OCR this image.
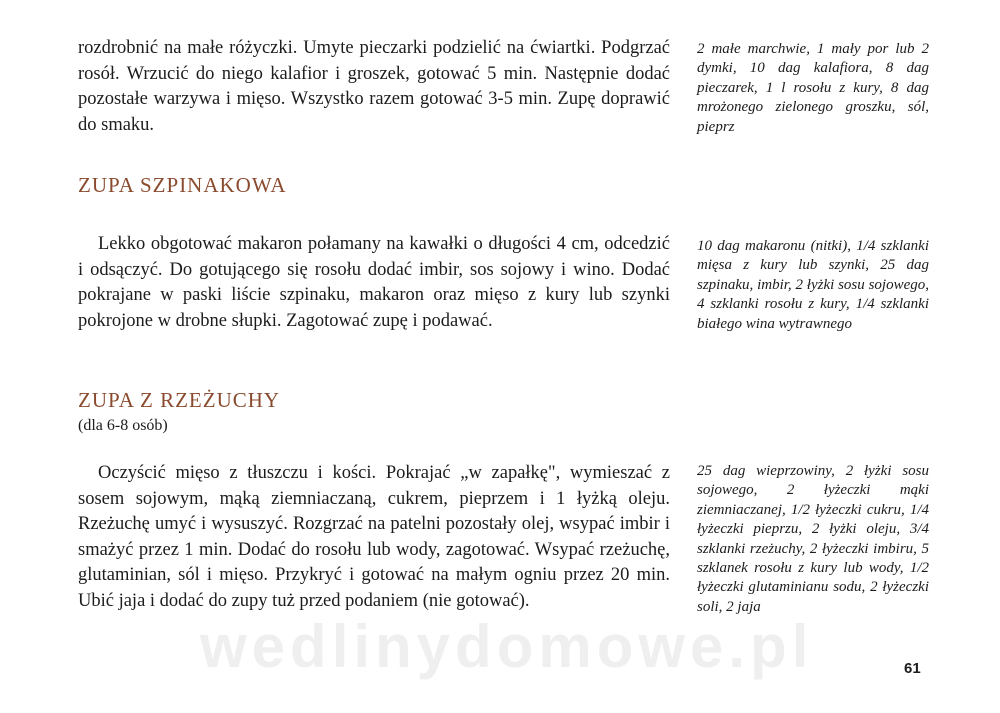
wedlinydomowe.pl

rozdrobnić na małe różyczki. Umyte pieczarki podzielić na ćwiartki. Podgrzać rosół. Wrzucić do niego kalafior i groszek, gotować 5 min. Następnie dodać pozostałe warzywa i mięso. Wszystko razem gotować 3-5 min. Zupę doprawić do smaku.

2 małe marchwie, 1 mały por lub 2 dymki, 10 dag kalafiora, 8 dag pieczarek, 1 l rosołu z kury, 8 dag mrożonego zielonego groszku, sól, pieprz

ZUPA SZPINAKOWA

Lekko obgotować makaron połamany na kawałki o długości 4 cm, odcedzić i odsączyć. Do gotującego się rosołu dodać imbir, sos sojowy i wino. Dodać pokrajane w paski liście szpinaku, makaron oraz mięso z kury lub szynki pokrojone w drobne słupki. Zagotować zupę i podawać.

10 dag makaronu (nitki), 1/4 szklanki mięsa z kury lub szynki, 25 dag szpinaku, imbir, 2 łyżki sosu sojowego, 4 szklanki rosołu z kury, 1/4 szklanki białego wina wytrawnego

ZUPA Z RZEŻUCHY

(dla 6-8 osób)

Oczyścić mięso z tłuszczu i kości. Pokrajać „w zapałkę", wymieszać z sosem sojowym, mąką ziemniaczaną, cukrem, pieprzem i 1 łyżką oleju. Rzeżuchę umyć i wysuszyć. Rozgrzać na patelni pozostały olej, wsypać imbir i smażyć przez 1 min. Dodać do rosołu lub wody, zagotować. Wsypać rzeżuchę, glutaminian, sól i mięso. Przykryć i gotować na małym ogniu przez 20 min. Ubić jaja i dodać do zupy tuż przed podaniem (nie gotować).

25 dag wieprzowiny, 2 łyżki sosu sojowego, 2 łyżeczki mąki ziemniaczanej, 1/2 łyżeczki cukru, 1/4 łyżeczki pieprzu, 2 łyżki oleju, 3/4 szklanki rzeżuchy, 2 łyżeczki imbiru, 5 szklanek rosołu z kury lub wody, 1/2 łyżeczki glutaminianu sodu, 2 łyżeczki soli, 2 jaja

61
